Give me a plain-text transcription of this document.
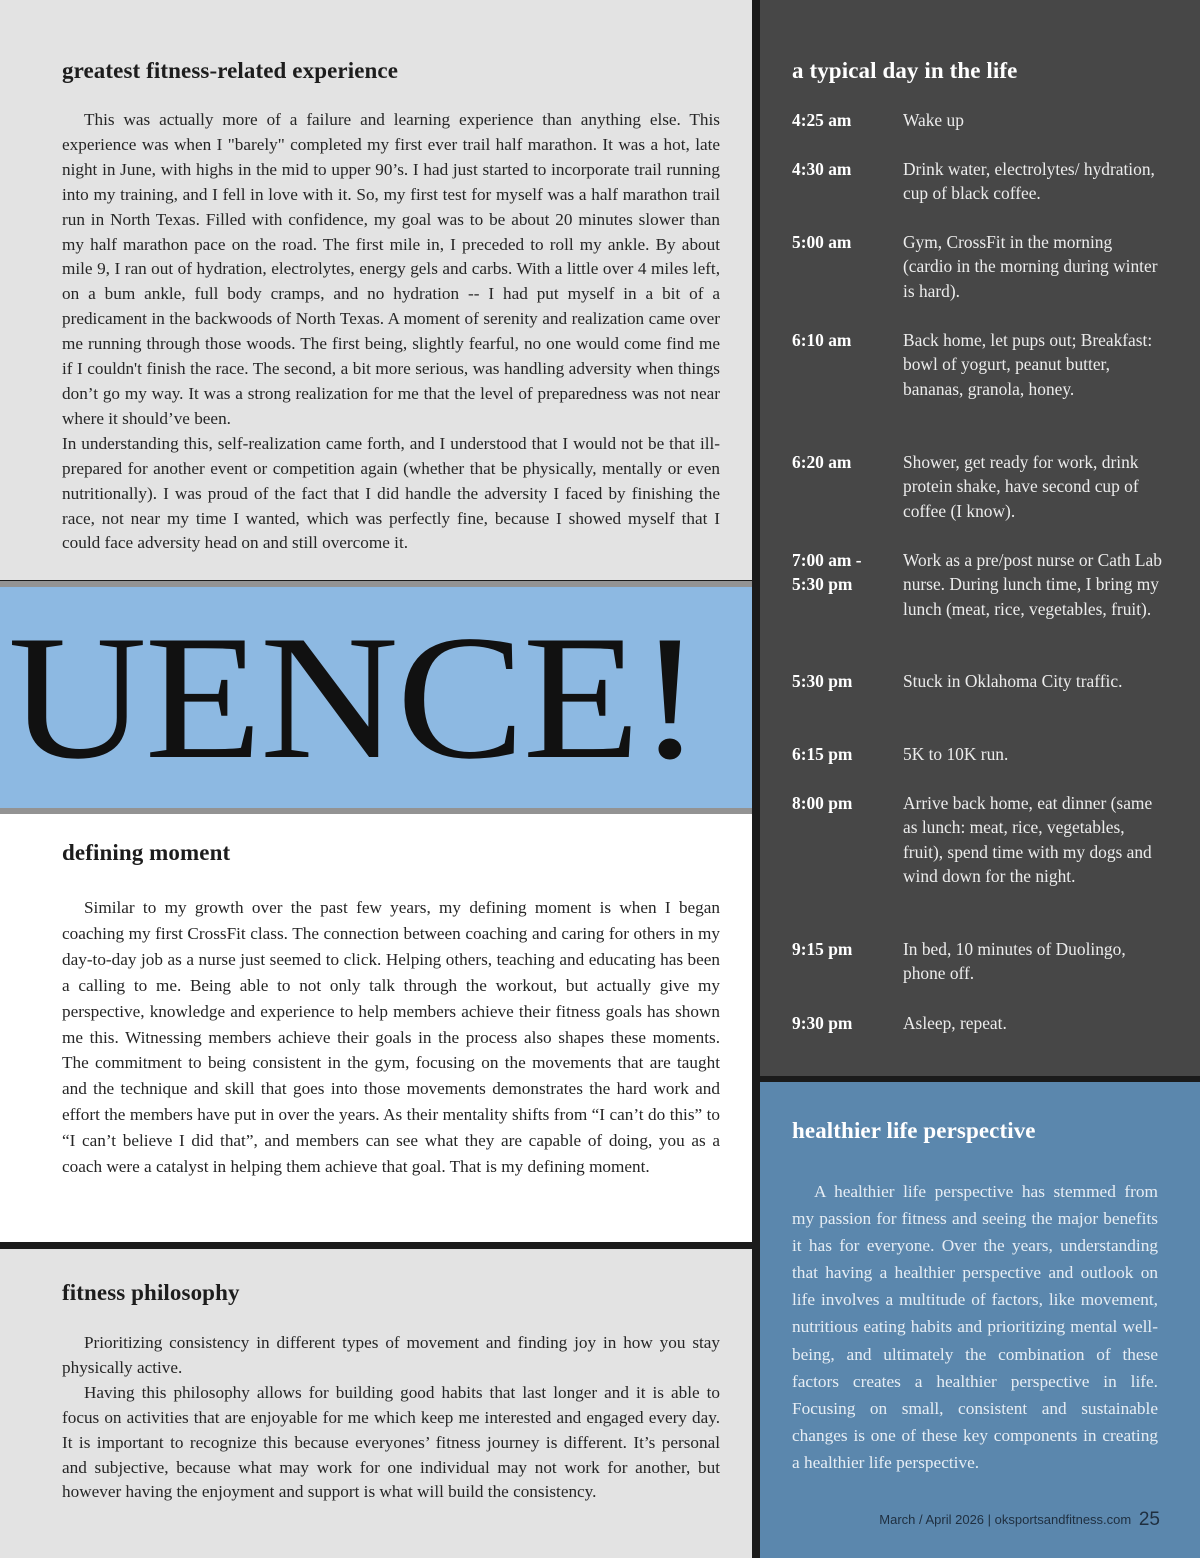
UENCE!
greatest fitness-related experience

This was actually more of a failure and learning experience than anything else. This experience was when I "barely" completed my first ever trail half marathon. It was a hot, late night in June, with highs in the mid to upper 90’s. I had just started to incorporate trail running into my training, and I fell in love with it. So, my first test for myself was a half marathon trail run in North Texas. Filled with confidence, my goal was to be about 20 minutes slower than my half marathon pace on the road. The first mile in, I preceded to roll my ankle. By about mile 9, I ran out of hydration, electrolytes, energy gels and carbs. With a little over 4 miles left, on a bum ankle, full body cramps, and no hydration -- I had put myself in a bit of a predicament in the backwoods of North Texas. A moment of serenity and realization came over me running through those woods. The first being, slightly fearful, no one would come find me if I couldn't finish the race. The second, a bit more serious, was handling adversity when things don’t go my way. It was a strong realization for me that the level of preparedness was not near where it should’ve been.

In understanding this, self-realization came forth, and I understood that I would not be that ill-prepared for another event or competition again (whether that be physically, mentally or even nutritionally). I was proud of the fact that I did handle the adversity I faced by finishing the race, not near my time I wanted, which was perfectly fine, because I showed myself that I could face adversity head on and still overcome it.

defining moment

Similar to my growth over the past few years, my defining moment is when I began coaching my first CrossFit class. The connection between coaching and caring for others in my day-to-day job as a nurse just seemed to click. Helping others, teaching and educating has been a calling to me. Being able to not only talk through the workout, but actually give my perspective, knowledge and experience to help members achieve their fitness goals has shown me this. Witnessing members achieve their goals in the process also shapes these moments. The commitment to being consistent in the gym, focusing on the movements that are taught and the technique and skill that goes into those movements demonstrates the hard work and effort the members have put in over the years. As their mentality shifts from “I can’t do this” to “I can’t believe I did that”, and members can see what they are capable of doing, you as a coach were a catalyst in helping them achieve that goal. That is my defining moment.

fitness philosophy

Prioritizing consistency in different types of movement and finding joy in how you stay physically active.

Having this philosophy allows for building good habits that last longer and it is able to focus on activities that are enjoyable for me which keep me interested and engaged every day. It is important to recognize this because everyones’ fitness journey is different. It’s personal and subjective, because what may work for one individual may not work for another, but however having the enjoyment and support is what will build the consistency.

a typical day in the life
4:25 am	Wake up
4:30 am	Drink water, electrolytes/ hydration, cup of black coffee.
5:00 am	Gym, CrossFit in the morning (cardio in the morning during winter is hard).
6:10 am	Back home, let pups out; Breakfast: bowl of yogurt, peanut butter, bananas, granola, honey.
6:20 am	Shower, get ready for work, drink protein shake, have second cup of coffee (I know).
7:00 am - 5:30 pm
Work as a pre/post nurse or Cath Lab nurse. During lunch time, I bring my lunch (meat, rice, vegetables, fruit).
5:30 pm	Stuck in Oklahoma City traffic.
6:15 pm	5K to 10K run.
8:00 pm	Arrive back home, eat dinner (same as lunch: meat, rice, vegetables, fruit), spend time with my dogs and wind down for the night.
9:15 pm	In bed, 10 minutes of Duolingo, phone off.
9:30 pm	Asleep, repeat.
healthier life perspective

A healthier life perspective has stemmed from my passion for fitness and seeing the major benefits it has for everyone. Over the years, understanding that having a healthier perspective and outlook on life involves a multitude of factors, like movement, nutritious eating habits and prioritizing mental well-being, and ultimately the combination of these factors creates a healthier perspective in life. Focusing on small, consistent and sustainable changes is one of these key components in creating a healthier life perspective.

March / April 2026 | oksportsandfitness.com 25
